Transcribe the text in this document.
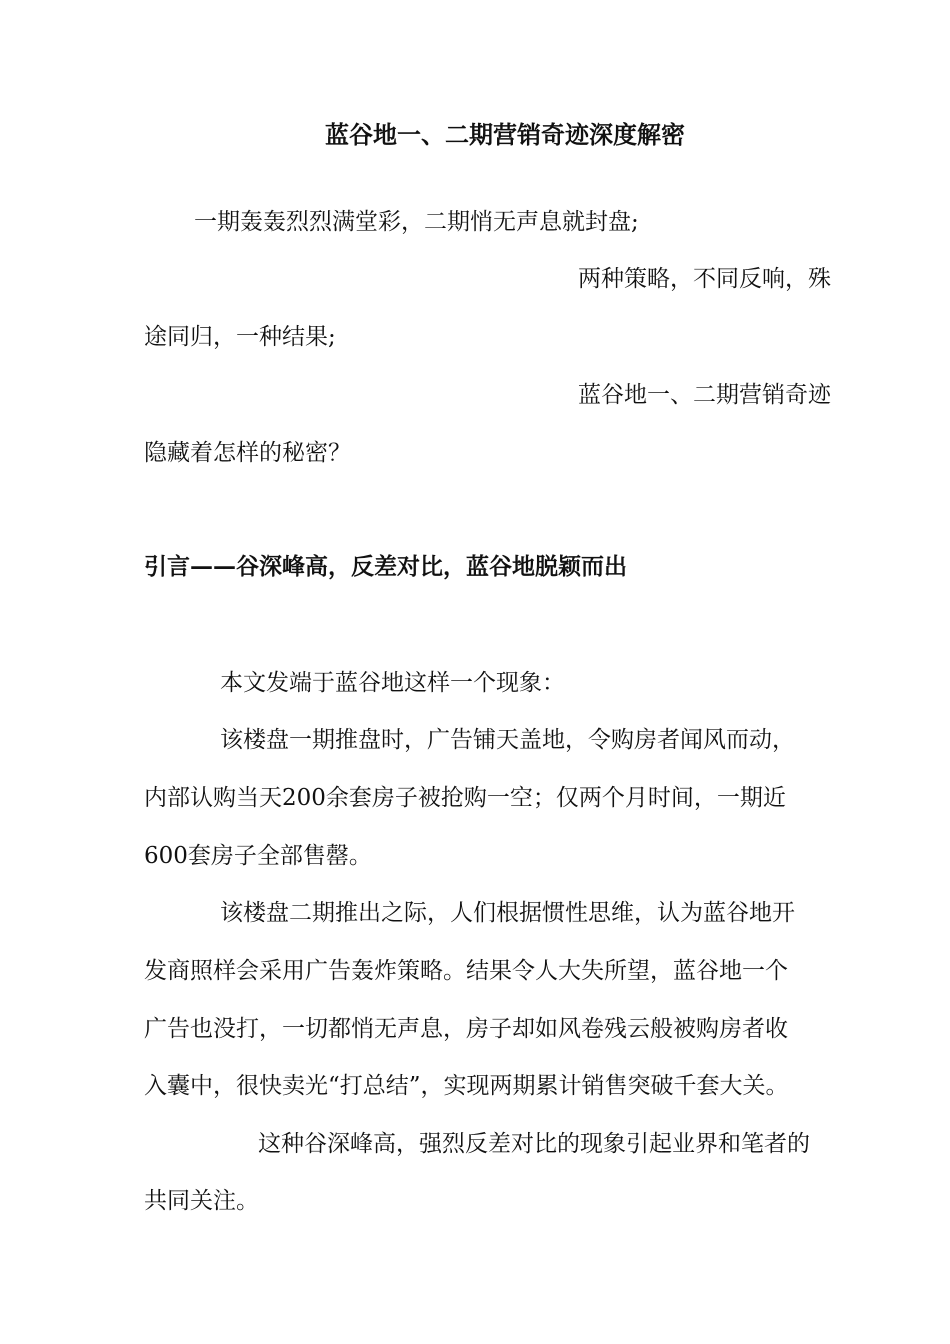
蓝谷地一、二期营销奇迹深度解密
一期轰轰烈烈满堂彩，二期悄无声息就封盘;
两种策略，不同反响，殊
途同归，一种结果;
蓝谷地一、二期营销奇迹
隐藏着怎样的秘密？
引言——谷深峰高，反差对比，蓝谷地脱颖而出
本文发端于蓝谷地这样一个现象：
该楼盘一期推盘时，广告铺天盖地，令购房者闻风而动，
内部认购当天200余套房子被抢购一空；仅两个月时间，一期近
600套房子全部售罄。
该楼盘二期推出之际，人们根据惯性思维，认为蓝谷地开
发商照样会采用广告轰炸策略。结果令人大失所望，蓝谷地一个
广告也没打，一切都悄无声息，房子却如风卷残云般被购房者收
入囊中，很快卖光“打总结”，实现两期累计销售突破千套大关。
这种谷深峰高，强烈反差对比的现象引起业界和笔者的
共同关注。
